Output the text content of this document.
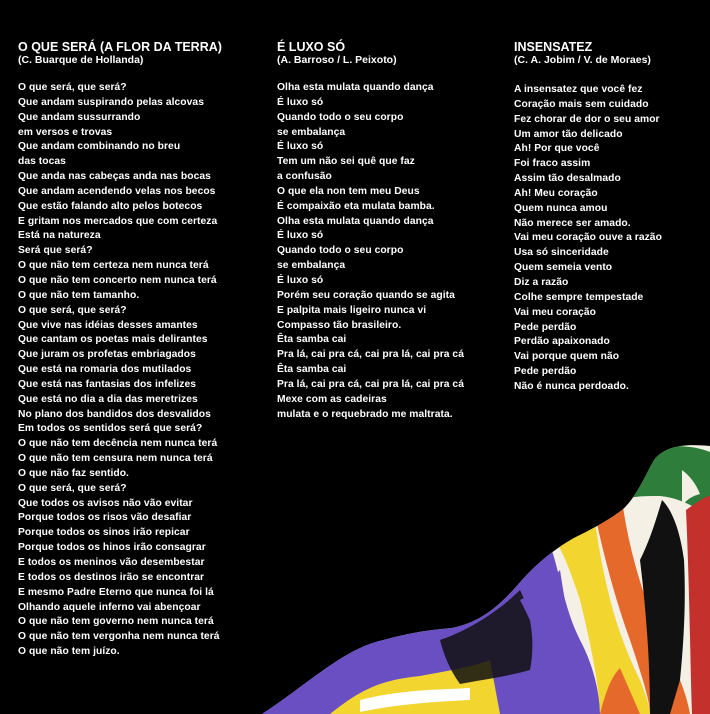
O QUE SERÁ (A FLOR DA TERRA)

(C. Buarque de Hollanda)

O que será, que será?
Que andam suspirando pelas alcovas
Que andam sussurrando
em versos e trovas
Que andam combinando no breu
das tocas
Que anda nas cabeças anda nas bocas
Que andam acendendo velas nos becos
Que estão falando alto pelos botecos
E gritam nos mercados que com certeza
Está na natureza
Será que será?
O que não tem certeza nem nunca terá
O que não tem concerto nem nunca terá
O que não tem tamanho.
O que será, que será?
Que vive nas idéias desses amantes
Que cantam os poetas mais delirantes
Que juram os profetas embriagados
Que está na romaria dos mutilados
Que está nas fantasias dos infelizes
Que está no dia a dia das meretrizes
No plano dos bandidos dos desvalidos
Em todos os sentidos será que será?
O que não tem decência nem nunca terá
O que não tem censura nem nunca terá
O que não faz sentido.
O que será, que será?
Que todos os avisos não vão evitar
Porque todos os risos vão desafiar
Porque todos os sinos irão repicar
Porque todos os hinos irão consagrar
E todos os meninos vão desembestar
E todos os destinos irão se encontrar
E mesmo Padre Eterno que nunca foi lá
Olhando aquele inferno vai abençoar
O que não tem governo nem nunca terá
O que não tem vergonha nem nunca terá
O que não tem juízo.
É LUXO SÓ

(A. Barroso / L. Peixoto)

Olha esta mulata quando dança
É luxo só
Quando todo o seu corpo
se embalança
É luxo só
Tem um não sei quê que faz
a confusão
O que ela non tem meu Deus
É compaixão eta mulata bamba.
Olha esta mulata quando dança
É luxo só
Quando todo o seu corpo
se embalança
É luxo só
Porém seu coração quando se agita
E palpita mais ligeiro nunca vi
Compasso tão brasileiro.
Êta samba cai
Pra lá, cai pra cá, cai pra lá, cai pra cá
Êta samba cai
Pra lá, cai pra cá, cai pra lá, cai pra cá
Mexe com as cadeiras
mulata e o requebrado me maltrata.
INSENSATEZ

(C. A. Jobim / V. de Moraes)

A insensatez que você fez
Coração mais sem cuidado
Fez chorar de dor o seu amor
Um amor tão delicado
Ah! Por que você
Foi fraco assim
Assim tão desalmado
Ah! Meu coração
Quem nunca amou
Não merece ser amado.
Vai meu coração ouve a razão
Usa só sinceridade
Quem semeia vento
Diz a razão
Colhe sempre tempestade
Vai meu coração
Pede perdão
Perdão apaixonado
Vai porque quem não
Pede perdão
Não é nunca perdoado.
